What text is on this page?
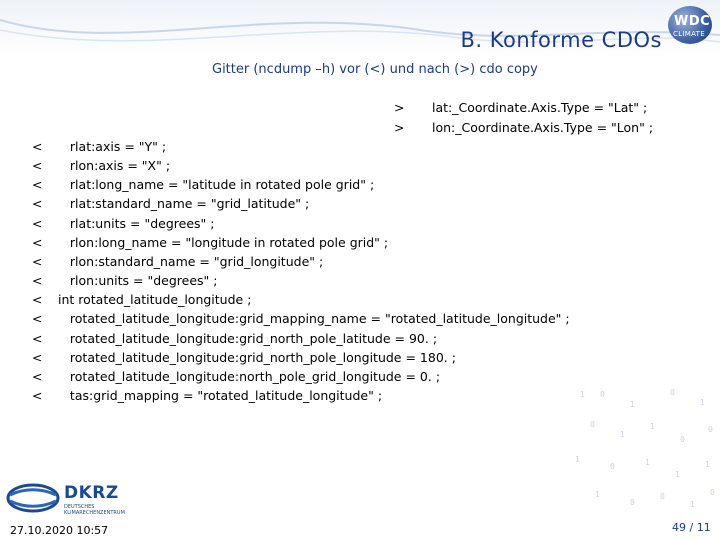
B. Konforme CDOs
Gitter (ncdump –h) vor (<) und nach (>) cdo copy
WDC
CLIMATE
> lat:_Coordinate.Axis.Type = "Lat" ;
> lon:_Coordinate.Axis.Type = "Lon" ;
< rlat:axis = "Y" ;
< rlon:axis = "X" ;
< rlat:long_name = "latitude in rotated pole grid" ;
< rlat:standard_name = "grid_latitude" ;
< rlat:units = "degrees" ;
< rlon:long_name = "longitude in rotated pole grid" ;
< rlon:standard_name = "grid_longitude" ;
< rlon:units = "degrees" ;
< int rotated_latitude_longitude ;
< rotated_latitude_longitude:grid_mapping_name = "rotated_latitude_longitude" ;
< rotated_latitude_longitude:grid_north_pole_latitude = 90. ;
< rotated_latitude_longitude:grid_north_pole_longitude = 180. ;
< rotated_latitude_longitude:north_pole_grid_longitude = 0. ;
< tas:grid_mapping = "rotated_latitude_longitude" ;	1 0
1
0
1
0
1
1
0
0
1
0	1
1
1
1
0
0
1
0
DKRZ
DEUTSCHES
KLIMARECHENZENTRUM
27.10.2020 10:57	49 / 11
